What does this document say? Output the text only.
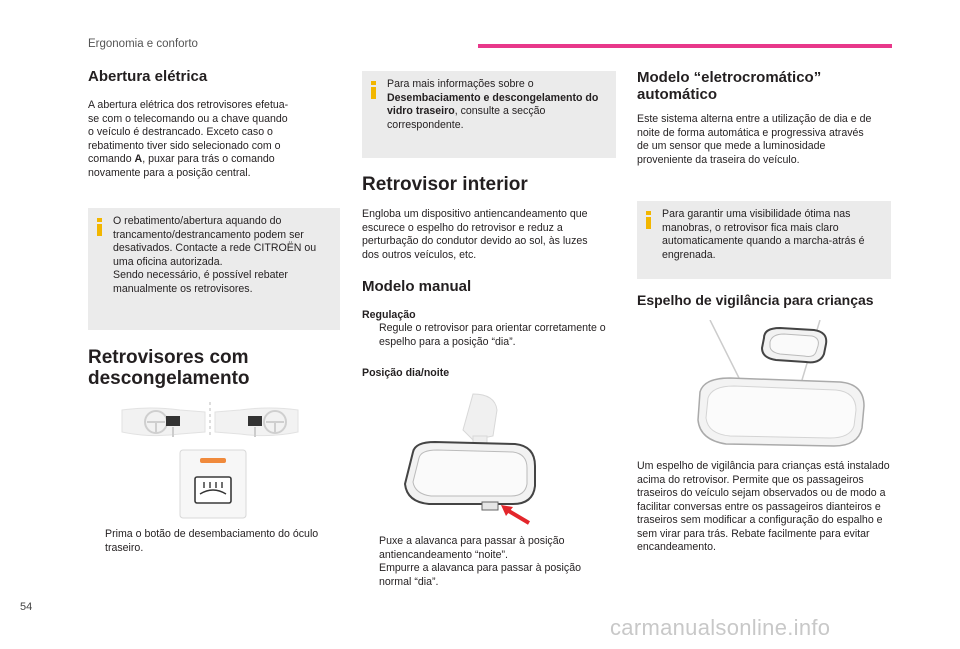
Ergonomia e conforto
Abertura elétrica

A abertura elétrica dos retrovisores efetua-
se com o telecomando ou a chave quando
o veículo é destrancado. Exceto caso o
rebatimento tiver sido selecionado com o
comando A, puxar para trás o comando
novamente para a posição central.

O rebatimento/abertura aquando do trancamento/destrancamento podem ser desativados. Contacte a rede CITROËN ou uma oficina autorizada.
Sendo necessário, é possível rebater manualmente os retrovisores.

Retrovisores com
descongelamento

Prima o botão de desembaciamento do óculo traseiro.

Para mais informações sobre o Desembaciamento e descongelamento do vidro traseiro, consulte a secção correspondente.

Retrovisor interior

Engloba um dispositivo antiencandeamento que escurece o espelho do retrovisor e reduz a perturbação do condutor devido ao sol, às luzes dos outros veículos, etc.

Modelo manual
Regulação

Regule o retrovisor para orientar corretamente o espelho para a posição “dia”.

Posição dia/noite

Puxe a alavanca para passar à posição antiencandeamento “noite”.

Empurre a alavanca para passar à posição normal “dia”.

Modelo “eletrocromático”
automático

Este sistema alterna entre a utilização de dia e de noite de forma automática e progressiva através de um sensor que mede a luminosidade proveniente da traseira do veículo.

Para garantir uma visibilidade ótima nas manobras, o retrovisor fica mais claro automaticamente quando a marcha-atrás é engrenada.

Espelho de vigilância para crianças

Um espelho de vigilância para crianças está instalado acima do retrovisor. Permite que os passageiros traseiros do veículo sejam observados ou de modo a facilitar conversas entre os passageiros dianteiros e traseiros sem modificar a configuração do espalho e sem virar para trás. Rebate facilmente para evitar encandeamento.

54
carmanualsonline.info
